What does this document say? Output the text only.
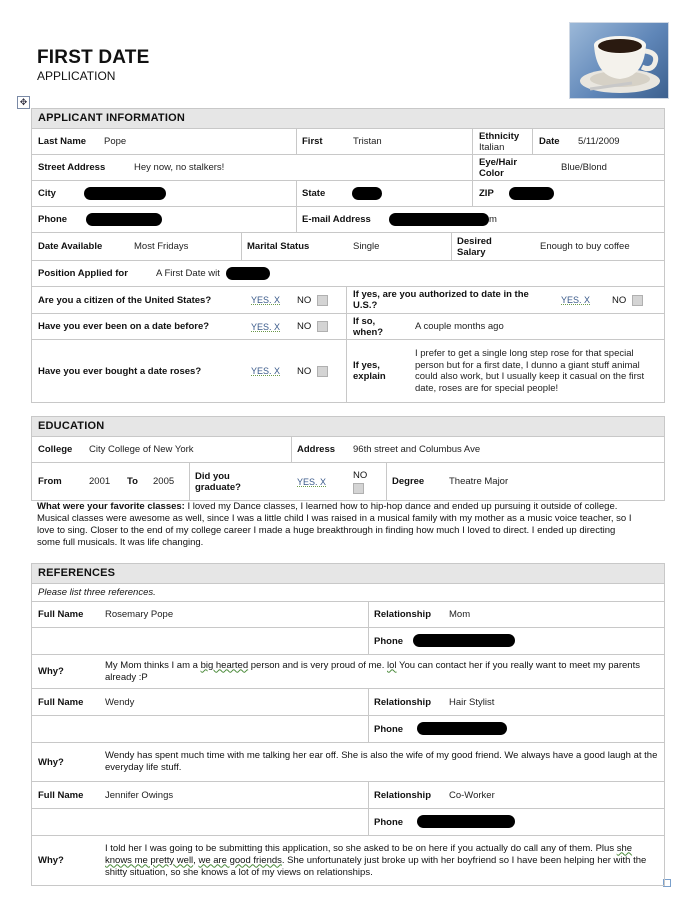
FIRST DATE
APPLICATION
✥
APPLICANT INFORMATION
Last Name Pope	First	Tristan	Ethnicity
Italian	Date 5/11/2009
Street Address	Hey now, no stalkers!	Eye/Hair Color	Blue/Blond
City	State	ZIP
Phone	E-mail Address	m
Date Available	Most Fridays	Marital Status	Single	Desired Salary	Enough to buy coffee
Position Applied for	A First Date wit
Are you a citizen of the United States?	YES. X NO	If yes, are you authorized to date in the U.S.?	YES. X NO
Have you ever been on a date before?	YES. X NO	If so, when?	A couple months ago
Have you ever bought a date roses?	YES. X NO	If yes, explain
I prefer to get a single long step rose for that special person but for a first date, I dunno a giant stuff animal could also work, but I usually keep it casual on the first date, roses are for special people!
EDUCATION
College City College of New York	Address 96th street and Columbus Ave
From	2001 To 2005 Did you graduate?	YES. X
NO
Degree	Theatre Major
What were your favorite classes: I loved my Dance classes, I learned how to hip-hop dance and ended up pursuing it outside of college. Musical classes were awesome as well, since I was a little child I was raised in a musical family with my mother as a music voice teacher, so I love to sing. Closer to the end of my college career I made a huge breakthrough in finding how much I loved to direct. I ended up directing some full musicals. It was life changing.
REFERENCES
Please list three references.
Full Name Rosemary Pope	Relationship Mom
Phone
Why?
My Mom thinks I am a big hearted person and is very proud of me. lol You can contact her if you really want to meet my parents already :P
Full Name Wendy	Relationship Hair Stylist
Phone
Why?
Wendy has spent much time with me talking her ear off. She is also the wife of my good friend. We always have a good laugh at the everyday life stuff.
Full Name Jennifer Owings	Relationship Co-Worker
Phone
Why?
I told her I was going to be submitting this application, so she asked to be on here if you actually do call any of them. Plus she knows me pretty well, we are good friends. She unfortunately just broke up with her boyfriend so I have been helping her with the shitty situation, so she knows a lot of my views on relationships.
